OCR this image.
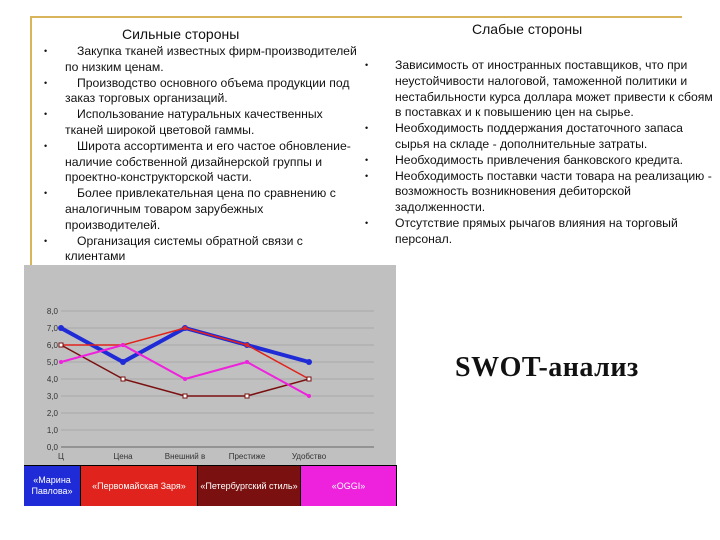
Сильные стороны	Слабые стороны
• Закупка тканей известных фирм-производителей по низким ценам.
• Производство основного объема продукции под заказ торговых организаций.
• Использование натуральных качественных тканей широкой цветовой гаммы.
• Широта ассортимента и его частое обновление-наличие собственной дизайнерской группы и проектно-конструкторской части.
• Более привлекательная цена по сравнению с аналогичным товаром зарубежных производителей.
• Организация системы обратной связи с клиентами
• Зависимость от иностранных поставщиков, что при неустойчивости налоговой, таможенной политики и нестабильности курса доллара может привести к сбоям в поставках и к повышению цен на сырье.
• Необходимость поддержания достаточного запаса сырья на складе - дополнительные затраты.
• Необходимость привлечения банковского кредита.
• Необходимость поставки части товара на реализацию - возможность возникновения дебиторской задолженности.
• Отсутствие прямых рычагов влияния на торговый персонал.
0,0
1,0
2,0
3,0
4,0
5,0
6,0
7,0
8,0
Ц	Цена	Внешний в	Престиже	Удобство
«Марина Павлова»
«Первомайская Заря»	«Петербургский стиль»	«OGGI»
SWOT-анализ
